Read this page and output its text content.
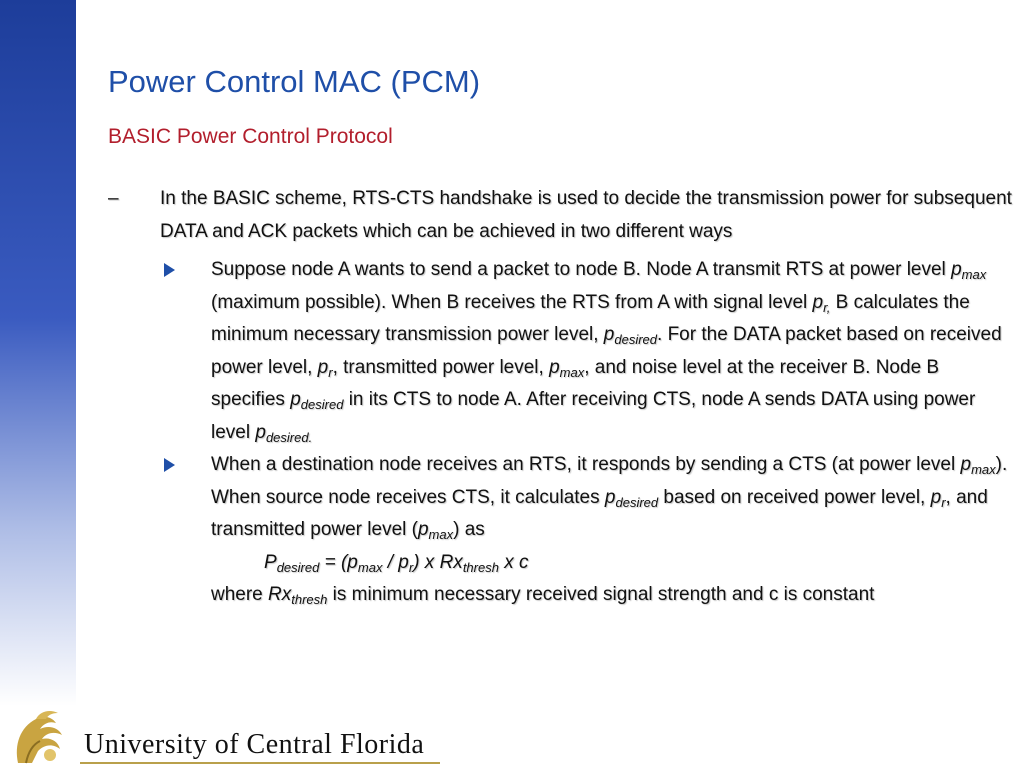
Power Control MAC (PCM)
BASIC Power Control Protocol
– In the BASIC scheme, RTS-CTS handshake is used to decide the transmission power for subsequent DATA and ACK packets which can be achieved in two different ways
Suppose node A wants to send a packet to node B. Node A transmit RTS at power level $p_{max}$ (maximum possible). When B receives the RTS from A with signal level $p_{r,}$ B calculates the minimum necessary transmission power level, $p_{desired}$. For the DATA packet based on received power level, $p_r$, transmitted power level, $p_{max}$, and noise level at the receiver B. Node B specifies $p_{desired}$ in its CTS to node A. After receiving CTS, node A sends DATA using power level $p_{desired.}$
When a destination node receives an RTS, it responds by sending a CTS (at power level $p_{max}$). When source node receives CTS, it calculates $p_{desired}$ based on received power level, $p_r$, and transmitted power level $(p_{max})$ as
$P_{desired} = (p_{max} / p_r)$ x $Rx_{thresh}$ x c
where $Rx_{thresh}$ is minimum necessary received signal strength and c is constant
University of Central Florida
